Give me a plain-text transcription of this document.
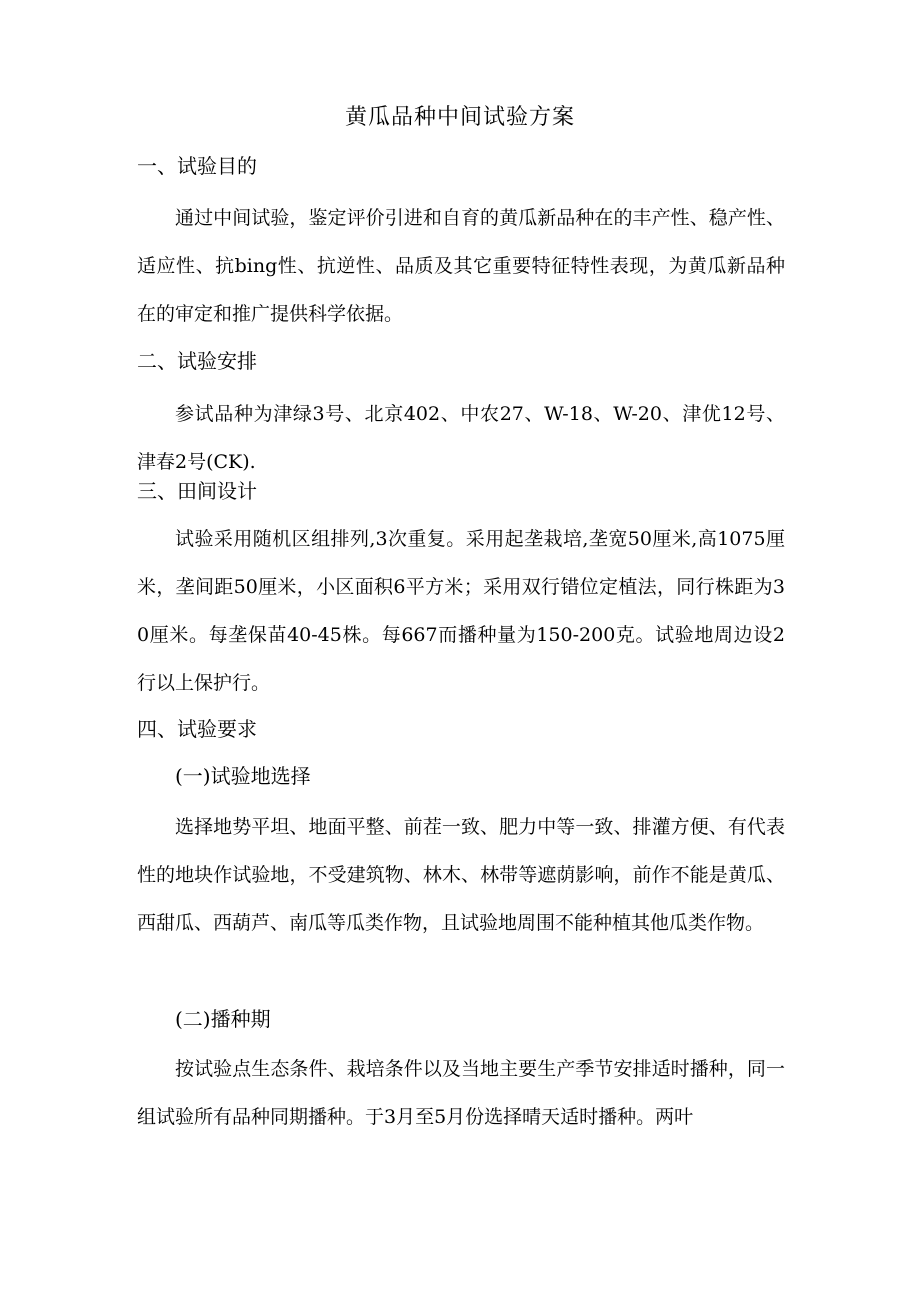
黄瓜品种中间试验方案
一、试验目的
通过中间试验，鉴定评价引进和自育的黄瓜新品种在的丰产性、稳产性、适应性、抗bing性、抗逆性、品质及其它重要特征特性表现，为黄瓜新品种在的审定和推广提供科学依据。
二、试验安排
参试品种为津绿3号、北京402、中农27、W-18、W-20、津优12号、津春2号(CK).
三、田间设计
试验采用随机区组排列,3次重复。采用起垄栽培,垄宽50厘米,高1075厘米，垄间距50厘米，小区面积6平方米；采用双行错位定植法，同行株距为30厘米。每垄保苗40-45株。每667而播种量为150-200克。试验地周边设2行以上保护行。
四、试验要求
(一)试验地选择
选择地势平坦、地面平整、前茬一致、肥力中等一致、排灌方便、有代表性的地块作试验地，不受建筑物、林木、林带等遮荫影响，前作不能是黄瓜、西甜瓜、西葫芦、南瓜等瓜类作物，且试验地周围不能种植其他瓜类作物。
(二)播种期
按试验点生态条件、栽培条件以及当地主要生产季节安排适时播种，同一组试验所有品种同期播种。于3月至5月份选择晴天适时播种。两叶
